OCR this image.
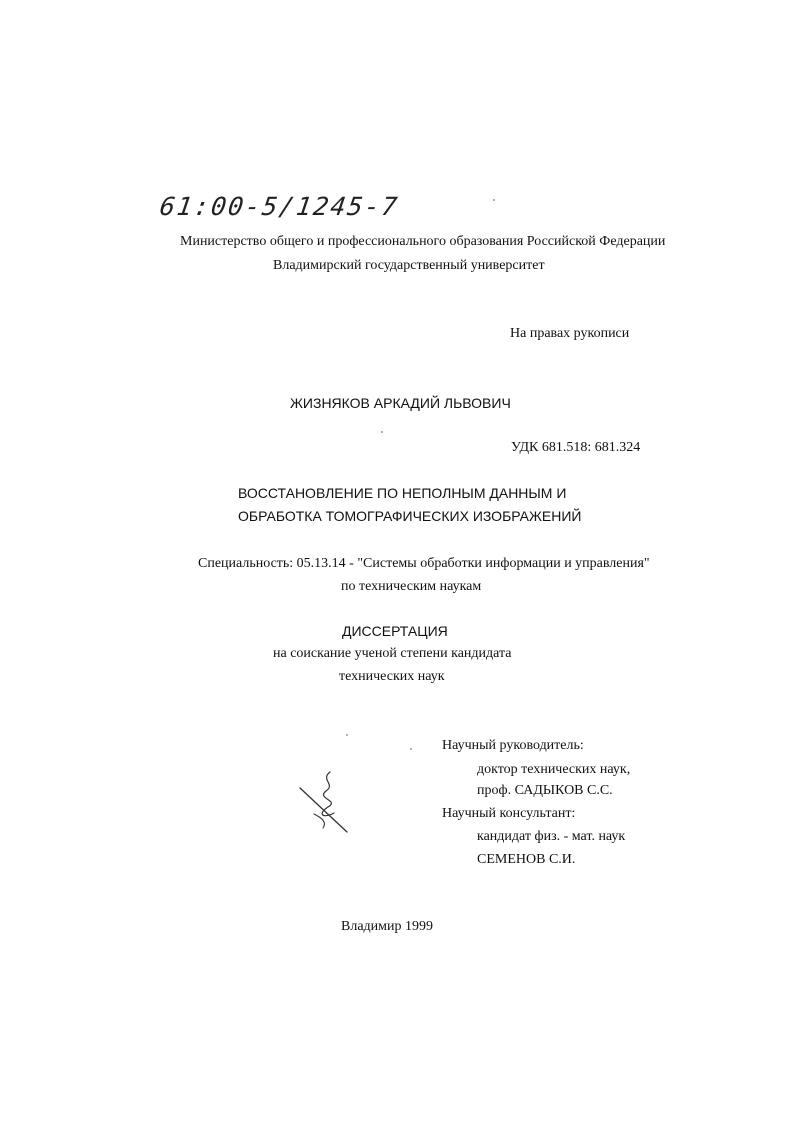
61:00-5/1245-7
Министерство общего и профессионального образования Российской Федерации
Владимирский государственный университет
На правах рукописи
ЖИЗНЯКОВ АРКАДИЙ ЛЬВОВИЧ
УДК 681.518: 681.324
ВОССТАНОВЛЕНИЕ ПО НЕПОЛНЫМ ДАННЫМ И
ОБРАБОТКА ТОМОГРАФИЧЕСКИХ ИЗОБРАЖЕНИЙ
Специальность: 05.13.14 - "Системы обработки информации и управления"
по техническим наукам
ДИССЕРТАЦИЯ
на соискание ученой степени кандидата
технических наук
Научный руководитель:
доктор технических наук,
проф. САДЫКОВ С.С.
Научный консультант:
кандидат физ. - мат. наук
СЕМЕНОВ С.И.
Владимир 1999
